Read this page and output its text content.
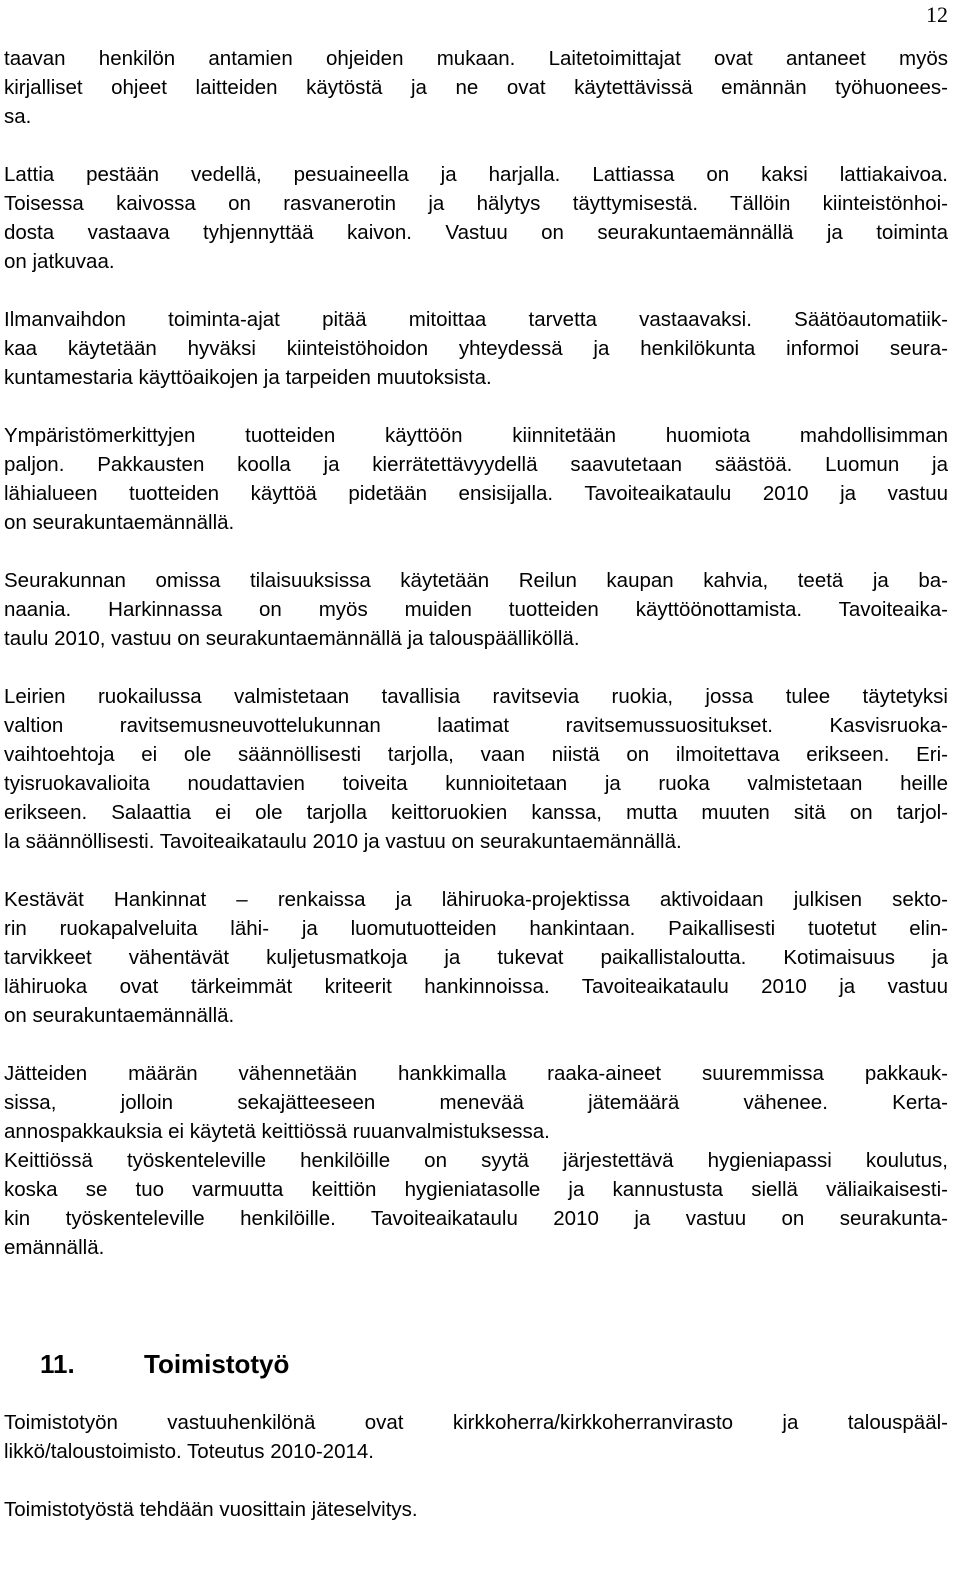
12

taavan henkilön antamien ohjeiden mukaan. Laitetoimittajat ovat antaneet myös
kirjalliset ohjeet laitteiden käytöstä ja ne ovat käytettävissä emännän työhuonees-
sa.

Lattia pestään vedellä, pesuaineella ja harjalla. Lattiassa on kaksi lattiakaivoa.
Toisessa kaivossa on rasvanerotin ja hälytys täyttymisestä. Tällöin kiinteistönhoi-
dosta vastaava tyhjennyttää kaivon. Vastuu on seurakuntaemännällä ja toiminta
on jatkuvaa.

Ilmanvaihdon toiminta-ajat pitää mitoittaa tarvetta vastaavaksi. Säätöautomatiik-
kaa käytetään hyväksi kiinteistöhoidon yhteydessä ja henkilökunta informoi seura-
kuntamestaria käyttöaikojen ja tarpeiden muutoksista.

Ympäristömerkittyjen tuotteiden käyttöön kiinnitetään huomiota mahdollisimman
paljon. Pakkausten koolla ja kierrätettävyydellä saavutetaan säästöä. Luomun ja
lähialueen tuotteiden käyttöä pidetään ensisijalla. Tavoiteaikataulu 2010 ja vastuu
on seurakuntaemännällä.

Seurakunnan omissa tilaisuuksissa käytetään Reilun kaupan kahvia, teetä ja ba-
naania. Harkinnassa on myös muiden tuotteiden käyttöönottamista. Tavoiteaika-
taulu 2010, vastuu on seurakuntaemännällä ja talouspäälliköllä.

Leirien ruokailussa valmistetaan tavallisia ravitsevia ruokia, jossa tulee täytetyksi
valtion ravitsemusneuvottelukunnan laatimat ravitsemussuositukset. Kasvisruoka-
vaihtoehtoja ei ole säännöllisesti tarjolla, vaan niistä on ilmoitettava erikseen. Eri-
tyisruokavalioita noudattavien toiveita kunnioitetaan ja ruoka valmistetaan heille
erikseen. Salaattia ei ole tarjolla keittoruokien kanssa, mutta muuten sitä on tarjol-
la säännöllisesti. Tavoiteaikataulu 2010 ja vastuu on seurakuntaemännällä.

Kestävät Hankinnat – renkaissa ja lähiruoka-projektissa aktivoidaan julkisen sekto-
rin ruokapalveluita lähi- ja luomutuotteiden hankintaan. Paikallisesti tuotetut elin-
tarvikkeet vähentävät kuljetusmatkoja ja tukevat paikallistaloutta. Kotimaisuus ja
lähiruoka ovat tärkeimmät kriteerit hankinnoissa. Tavoiteaikataulu 2010 ja vastuu
on seurakuntaemännällä.

Jätteiden määrän vähennetään hankkimalla raaka-aineet suuremmissa pakkauk-
sissa, jolloin sekajätteeseen menevää jätemäärä vähenee. Kerta-
annospakkauksia ei käytetä keittiössä ruuanvalmistuksessa.

Keittiössä työskenteleville henkilöille on syytä järjestettävä hygieniapassi koulutus,
koska se tuo varmuutta keittiön hygieniatasolle ja kannustusta siellä väliaikaisesti-
kin työskenteleville henkilöille. Tavoiteaikataulu 2010 ja vastuu on seurakunta-
emännällä.

11.	Toimistotyö

Toimistotyön vastuuhenkilönä ovat kirkkoherra/kirkkoherranvirasto ja talouspääl-
likkö/taloustoimisto. Toteutus 2010-2014.

Toimistotyöstä tehdään vuosittain jäteselvitys.
